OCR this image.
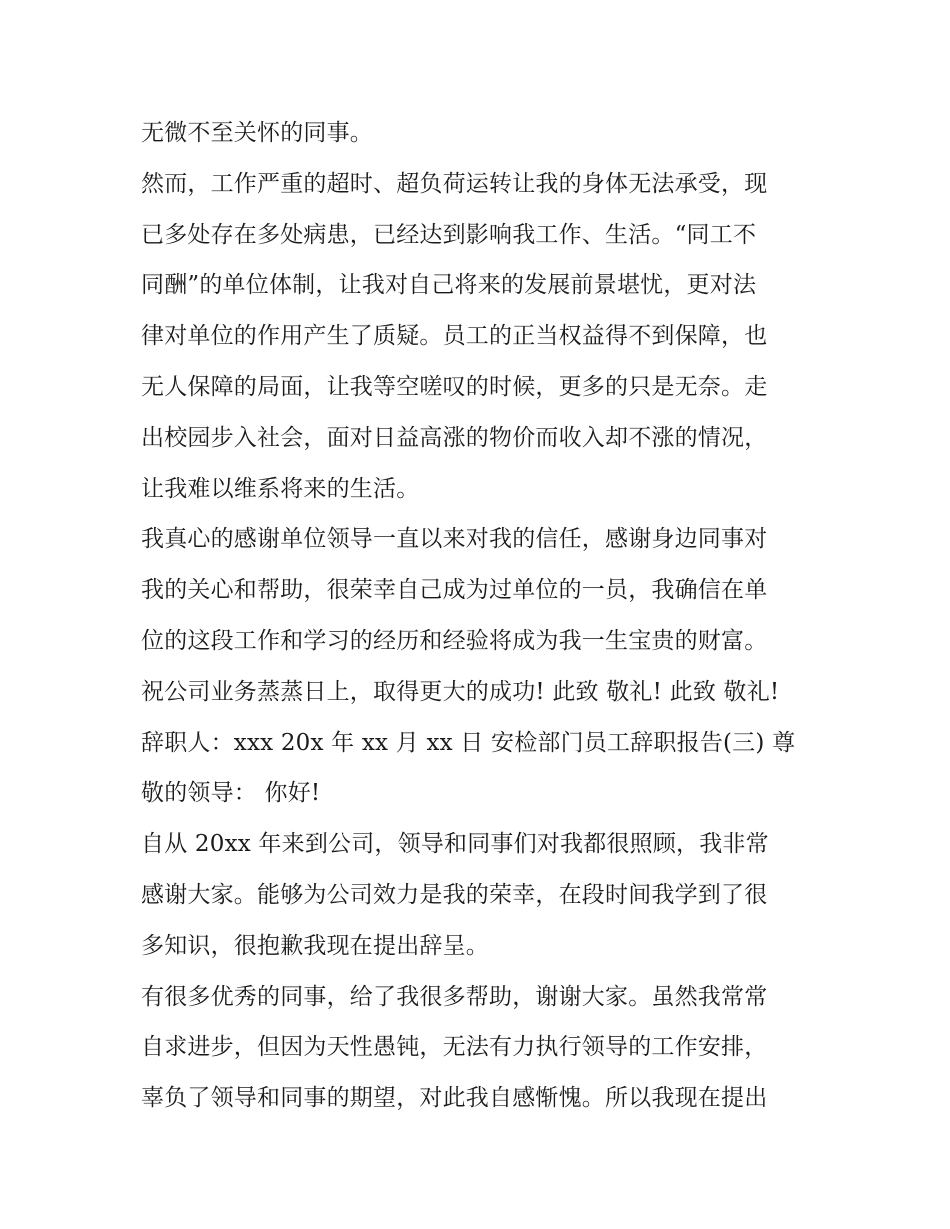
无微不至关怀的同事。
然而，工作严重的超时、超负荷运转让我的身体无法承受，现
已多处存在多处病患，已经达到影响我工作、生活。“同工不
同酬”的单位体制，让我对自己将来的发展前景堪忧，更对法
律对单位的作用产生了质疑。员工的正当权益得不到保障，也
无人保障的局面，让我等空嗟叹的时候，更多的只是无奈。走
出校园步入社会，面对日益高涨的物价而收入却不涨的情况，
让我难以维系将来的生活。
我真心的感谢单位领导一直以来对我的信任，感谢身边同事对
我的关心和帮助，很荣幸自己成为过单位的一员，我确信在单
位的这段工作和学习的经历和经验将成为我一生宝贵的财富。
祝公司业务蒸蒸日上，取得更大的成功! 此致 敬礼! 此致 敬礼!
辞职人：xxx 20x 年 xx 月 xx 日 安检部门员工辞职报告(三) 尊
敬的领导： 你好!
自从 20xx 年来到公司，领导和同事们对我都很照顾，我非常
感谢大家。能够为公司效力是我的荣幸，在段时间我学到了很
多知识，很抱歉我现在提出辞呈。
有很多优秀的同事，给了我很多帮助，谢谢大家。虽然我常常
自求进步，但因为天性愚钝，无法有力执行领导的工作安排，
辜负了领导和同事的期望，对此我自感惭愧。所以我现在提出
